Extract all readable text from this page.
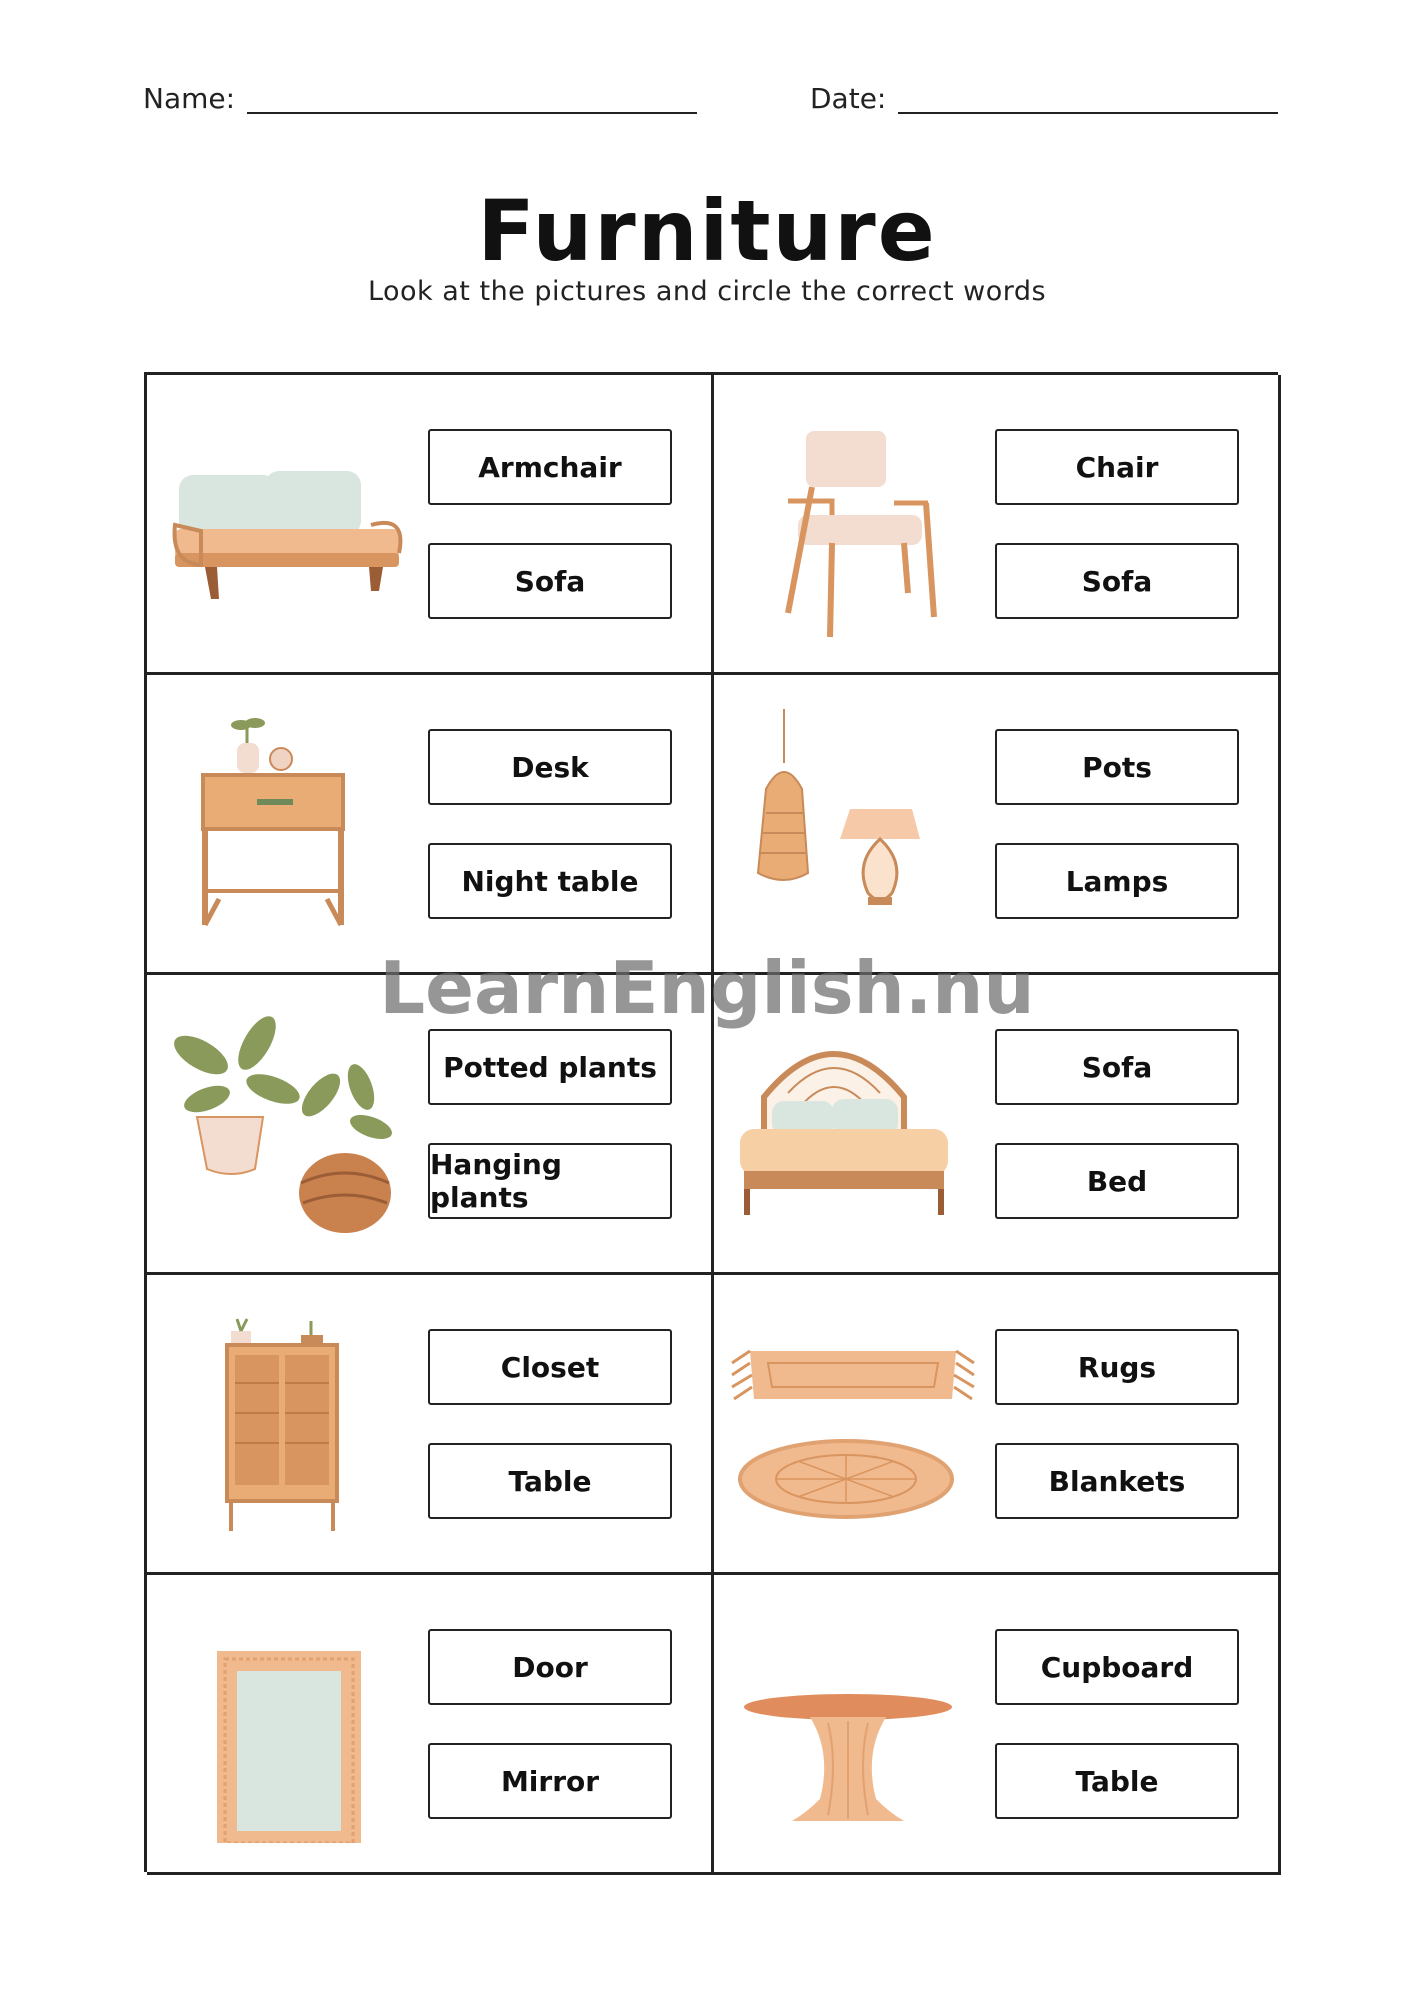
Name:	Date:
Furniture
Look at the pictures and circle the correct words
Armchair
Sofa
Chair
Sofa
Desk
Night table
Pots
Lamps
Potted plants
Hanging plants
Sofa
Bed
Closet
Table
Rugs
Blankets
Door
Mirror
Cupboard
Table
LearnEnglish.nu
